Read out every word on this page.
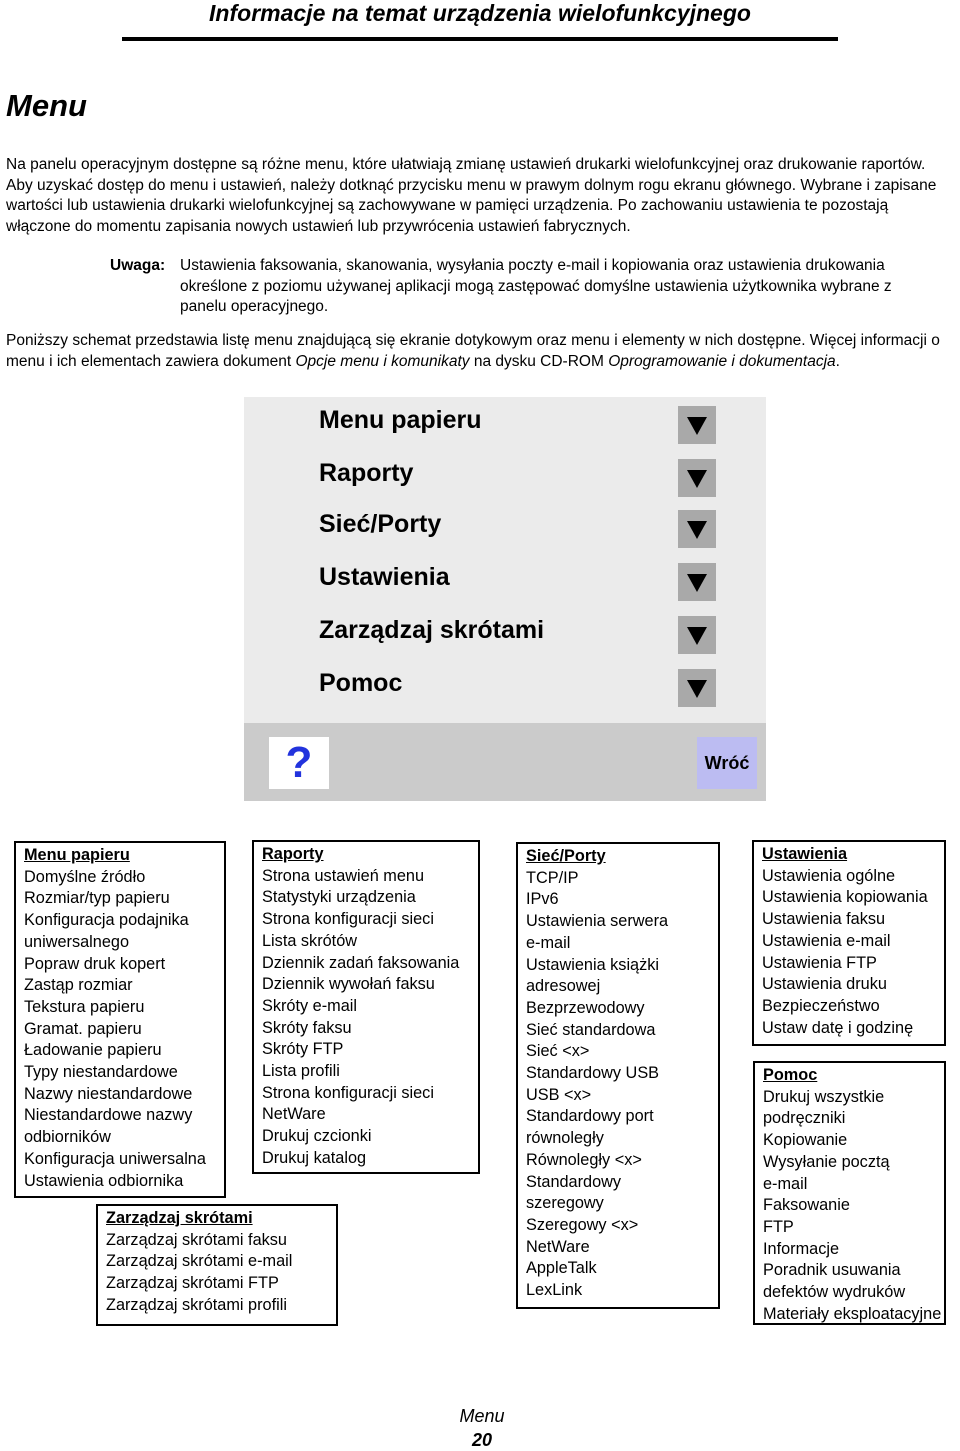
Informacje na temat urządzenia wielofunkcyjnego
Menu
Na panelu operacyjnym dostępne są różne menu, które ułatwiają zmianę ustawień drukarki wielofunkcyjnej oraz drukowanie raportów. Aby uzyskać dostęp do menu i ustawień, należy dotknąć przycisku menu w prawym dolnym rogu ekranu głównego. Wybrane i zapisane wartości lub ustawienia drukarki wielofunkcyjnej są zachowywane w pamięci urządzenia. Po zachowaniu ustawienia te pozostają włączone do momentu zapisania nowych ustawień lub przywrócenia ustawień fabrycznych.
Uwaga: Ustawienia faksowania, skanowania, wysyłania poczty e-mail i kopiowania oraz ustawienia drukowania określone z poziomu używanej aplikacji mogą zastępować domyślne ustawienia użytkownika wybrane z panelu operacyjnego.
Poniższy schemat przedstawia listę menu znajdującą się ekranie dotykowym oraz menu i elementy w nich dostępne. Więcej informacji o menu i ich elementach zawiera dokument Opcje menu i komunikaty na dysku CD-ROM Oprogramowanie i dokumentacja.
Menu papieru
Raporty
Sieć/Porty
Ustawienia
Zarządzaj skrótami
Pomoc
?	Wróć
Menu papieru
Domyślne źródło
Rozmiar/typ papieru
Konfiguracja podajnika
uniwersalnego
Popraw druk kopert
Zastąp rozmiar
Tekstura papieru
Gramat. papieru
Ładowanie papieru
Typy niestandardowe
Nazwy niestandardowe
Niestandardowe nazwy
odbiorników
Konfiguracja uniwersalna
Ustawienia odbiornika
Raporty
Strona ustawień menu
Statystyki urządzenia
Strona konfiguracji sieci
Lista skrótów
Dziennik zadań faksowania
Dziennik wywołań faksu
Skróty e-mail
Skróty faksu
Skróty FTP
Lista profili
Strona konfiguracji sieci
NetWare
Drukuj czcionki
Drukuj katalog
Zarządzaj skrótami
Zarządzaj skrótami faksu
Zarządzaj skrótami e-mail
Zarządzaj skrótami FTP
Zarządzaj skrótami profili
Sieć/Porty
TCP/IP
IPv6
Ustawienia serwera
e-mail
Ustawienia książki
adresowej
Bezprzewodowy
Sieć standardowa
Sieć <x>
Standardowy USB
USB <x>
Standardowy port
równoległy
Równoległy <x>
Standardowy
szeregowy
Szeregowy <x>
NetWare
AppleTalk
LexLink
Ustawienia
Ustawienia ogólne
Ustawienia kopiowania
Ustawienia faksu
Ustawienia e-mail
Ustawienia FTP
Ustawienia druku
Bezpieczeństwo
Ustaw datę i godzinę
Pomoc
Drukuj wszystkie
podręczniki
Kopiowanie
Wysyłanie pocztą
e-mail
Faksowanie
FTP
Informacje
Poradnik usuwania
defektów wydruków
Materiały eksploatacyjne
Menu
20
